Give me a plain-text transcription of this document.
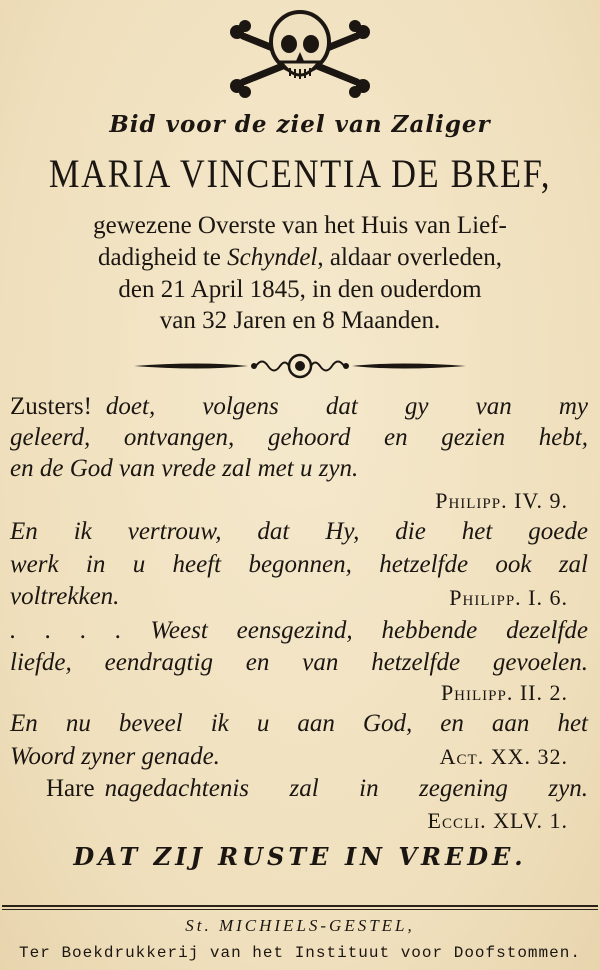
Bid voor de ziel van Zaliger
MARIA VINCENTIA DE BREF,
gewezene Overste van het Huis van Lief-
dadigheid te Schyndel, aldaar overleden,
den 21 April 1845, in den ouderdom
van 32 Jaren en 8 Maanden.
Zusters! doet, volgens dat gy van my
geleerd, ontvangen, gehoord en gezien hebt,
en de God van vrede zal met u zyn.
Philipp. IV. 9.
En ik vertrouw, dat Hy, die het goede
werk in u heeft begonnen, hetzelfde ook zal
voltrekken.	Philipp. I. 6.
. . . . Weest eensgezind, hebbende dezelfde
liefde, eendragtig en van hetzelfde gevoelen.
Philipp. II. 2.
En nu beveel ik u aan God, en aan het
Woord zyner genade.	Act. XX. 32.
Hare nagedachtenis zal in zegening zyn.
Eccli. XLV. 1.
DAT ZIJ RUSTE IN VREDE.
St. MICHIELS-GESTEL,
Ter Boekdrukkerij van het Instituut voor Doofstommen.
